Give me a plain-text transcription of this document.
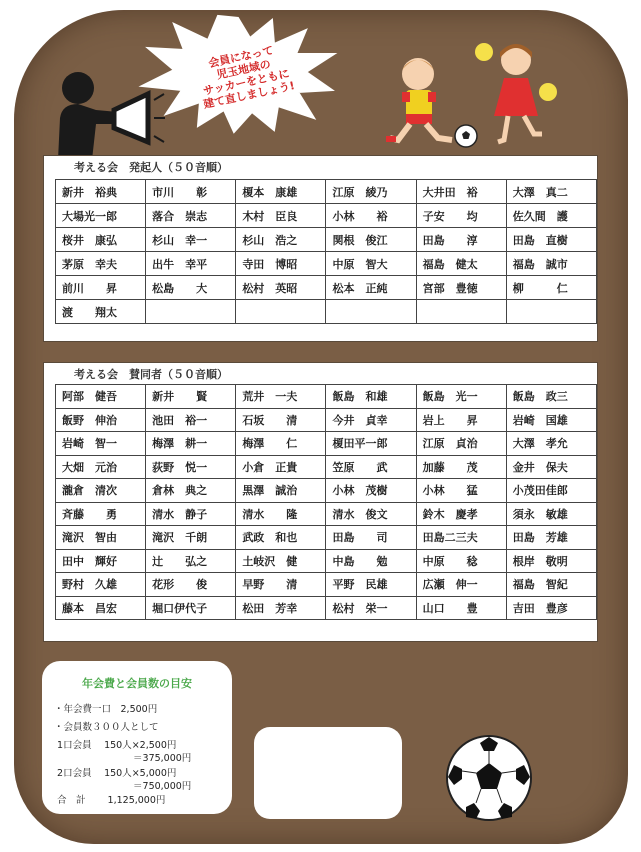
会員になって
児玉地域の
サッカーをともに
建て直しましょう!
考える会　発起人（５０音順）
新井　裕典	市川　　彰	榎本　康雄	江原　綾乃	大井田　裕	大澤　真二
大場光一郎	落合　崇志	木村　臣良	小林　　裕	子安　　均	佐久間　護
桜井　康弘	杉山　幸一	杉山　浩之	関根　俊江	田島　　淳	田島　直樹
茅原　幸夫	出牛　幸平	寺田　博昭	中原　智大	福島　健太	福島　誠市
前川　　昇	松島　　大	松村　英昭	松本　正純	宮部　豊徳	柳　　　仁
渡　　翔太					
考える会　賛同者（５０音順）
阿部　健吾	新井　　賢	荒井　一夫	飯島　和雄	飯島　光一	飯島　政三
飯野　伸治	池田　裕一	石坂　　清	今井　貞幸	岩上　　昇	岩崎　国雄
岩崎　智一	梅澤　耕一	梅澤　　仁	榎田平一郎	江原　貞治	大澤　孝允
大畑　元治	荻野　悦一	小倉　正貴	笠原　　武	加藤　　茂	金井　保夫
瀧倉　清次	倉林　典之	黒澤　誠治	小林　茂樹	小林　　猛	小茂田佳郎
斉藤　　勇	清水　静子	清水　　隆	清水　俊文	鈴木　慶孝	須永　敏雄
滝沢　智由	滝沢　千朗	武政　和也	田島　　司	田島二三夫	田島　芳雄
田中　輝好	辻　　弘之	土岐沢　健	中島　　勉	中原　　稔	根岸　敬明
野村　久雄	花形　　俊	早野　　清	平野　民雄	広瀬　伸一	福島　智紀
藤本　昌宏	堀口伊代子	松田　芳幸	松村　栄一	山口　　豊	吉田　豊彦
年会費と会員数の目安
・年会費一口　2,500円
・会員数３００人として
1口会員　 150人×2,500円
　　　　　　　　 ＝375,000円
2口会員　 150人×5,000円
　　　　　　　　 ＝750,000円
合　計　　 1,125,000円
